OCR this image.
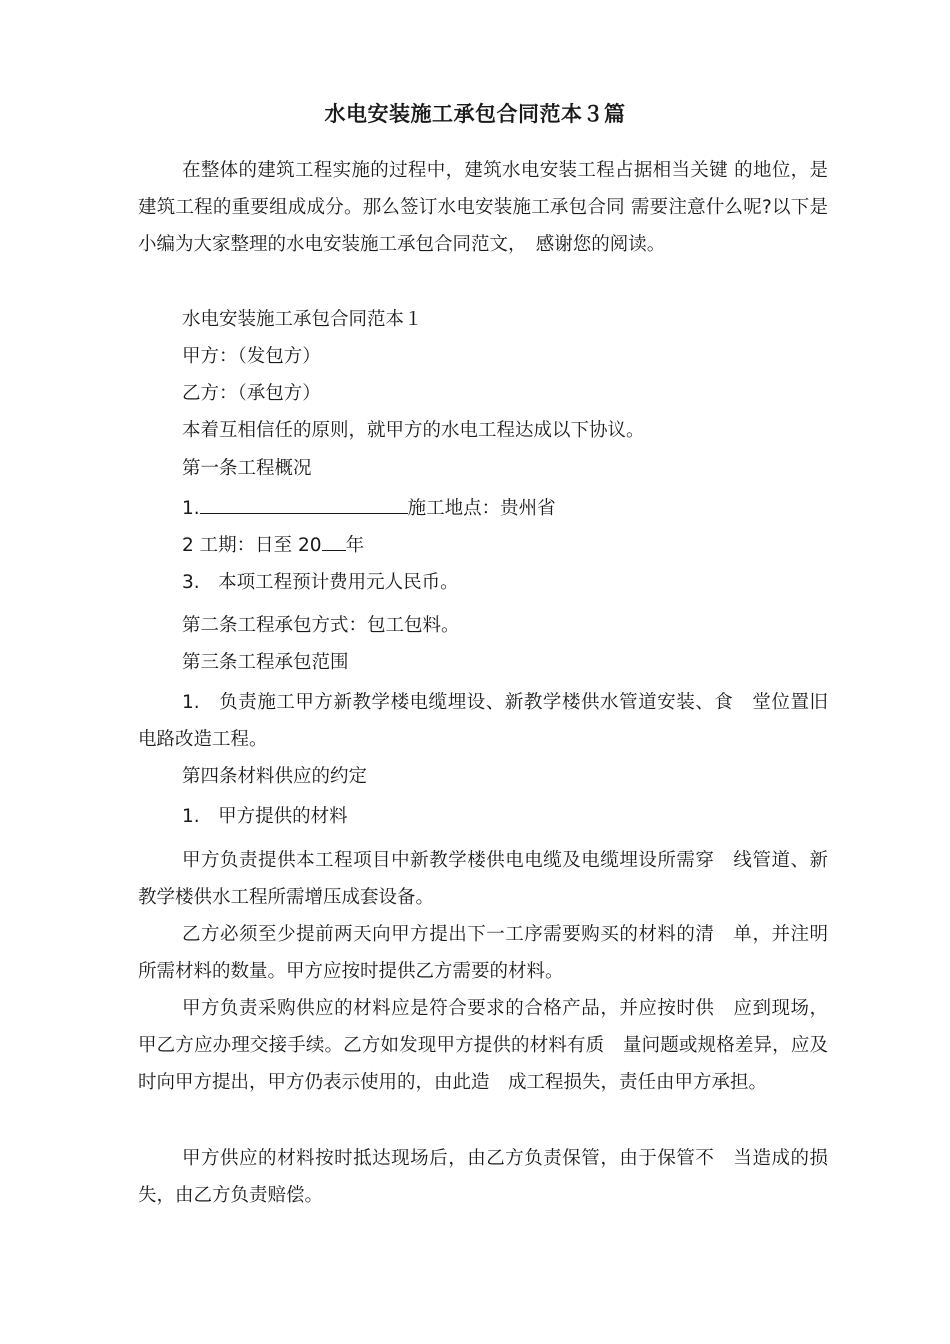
水电安装施工承包合同范本３篇

在整体的建筑工程实施的过程中，建筑水电安装工程占据相当关键 的地位，是建筑工程的重要组成成分。那么签订水电安装施工承包合同 需要注意什么呢?以下是小编为大家整理的水电安装施工承包合同范文，　感谢您的阅读。

水电安装施工承包合同范本１
甲方：（发包方）
乙方：（承包方）
本着互相信任的原则，就甲方的水电工程达成以下协议。
第一条工程概况
1.	施工地点：贵州省
2 工期：日至 20 年
3.　本项工程预计费用元人民币。
第二条工程承包方式：包工包料。
第三条工程承包范围

1.　负责施工甲方新教学楼电缆埋设、新教学楼供水管道安装、食　堂位置旧电路改造工程。

第四条材料供应的约定
1.　甲方提供的材料

甲方负责提供本工程项目中新教学楼供电电缆及电缆埋设所需穿　线管道、新教学楼供水工程所需增压成套设备。

乙方必须至少提前两天向甲方提出下一工序需要购买的材料的清　单，并注明所需材料的数量。甲方应按时提供乙方需要的材料。

甲方负责采购供应的材料应是符合要求的合格产品，并应按时供　应到现场，甲乙方应办理交接手续。乙方如发现甲方提供的材料有质　量问题或规格差异，应及时向甲方提出，甲方仍表示使用的，由此造　成工程损失，责任由甲方承担。

甲方供应的材料按时抵达现场后，由乙方负责保管，由于保管不　当造成的损失，由乙方负责赔偿。
